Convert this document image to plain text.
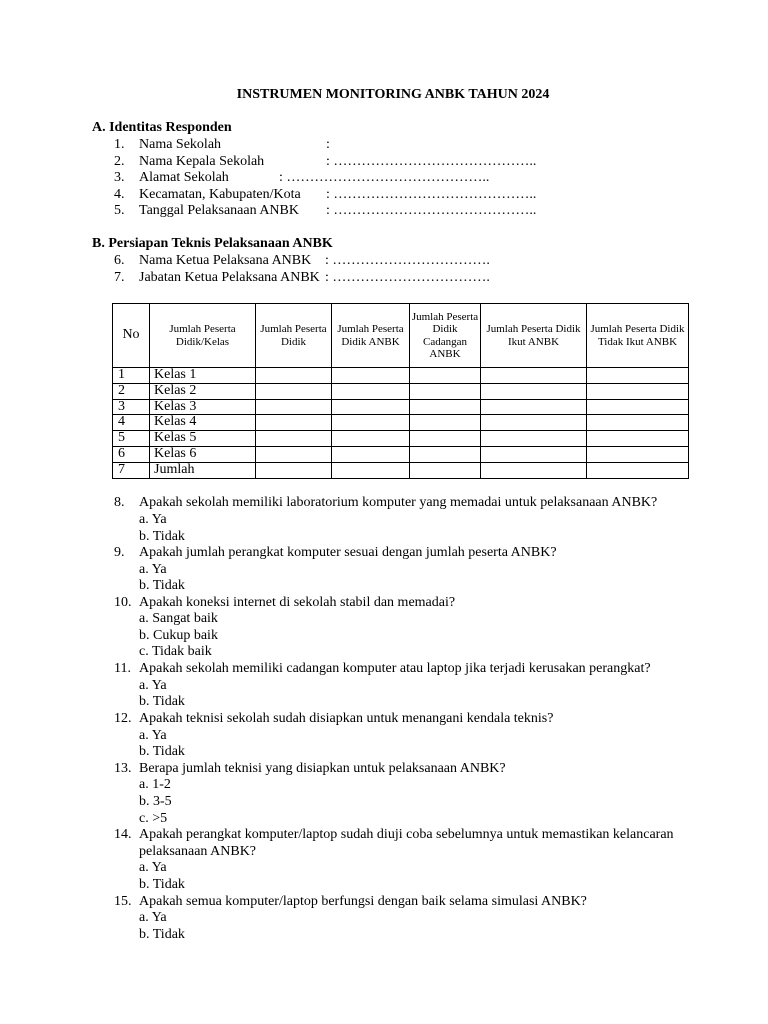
INSTRUMEN MONITORING ANBK TAHUN 2024
A. Identitas Responden
1. Nama Sekolah	:
2. Nama Kepala Sekolah	: ……………………………………..
3. Alamat Sekolah	: ……………………………………..
4. Kecamatan, Kabupaten/Kota : ……………………………………..
5. Tanggal Pelaksanaan ANBK : ……………………………………..
B. Persiapan Teknis Pelaksanaan ANBK
6. Nama Ketua Pelaksana ANBK : …………………………….
7. Jabatan Ketua Pelaksana ANBK : …………………………….
No	Jumlah Peserta Didik/Kelas	Jumlah Peserta Didik	Jumlah Peserta Didik ANBK	Jumlah Peserta Didik Cadangan ANBK	Jumlah Peserta Didik Ikut ANBK	Jumlah Peserta Didik Tidak Ikut ANBK
1	Kelas 1					
2	Kelas 2					
3	Kelas 3					
4	Kelas 4					
5	Kelas 5					
6	Kelas 6					
7	Jumlah					
8. Apakah sekolah memiliki laboratorium komputer yang memadai untuk pelaksanaan ANBK?
a. Ya
b. Tidak
9. Apakah jumlah perangkat komputer sesuai dengan jumlah peserta ANBK?
a. Ya
b. Tidak
10. Apakah koneksi internet di sekolah stabil dan memadai?
a. Sangat baik
b. Cukup baik
c. Tidak baik
11. Apakah sekolah memiliki cadangan komputer atau laptop jika terjadi kerusakan perangkat?
a. Ya
b. Tidak
12. Apakah teknisi sekolah sudah disiapkan untuk menangani kendala teknis?
a. Ya
b. Tidak
13. Berapa jumlah teknisi yang disiapkan untuk pelaksanaan ANBK?
a. 1-2
b. 3-5
c. >5
14. Apakah perangkat komputer/laptop sudah diuji coba sebelumnya untuk memastikan kelancaran
pelaksanaan ANBK?
a. Ya
b. Tidak
15. Apakah semua komputer/laptop berfungsi dengan baik selama simulasi ANBK?
a. Ya
b. Tidak
